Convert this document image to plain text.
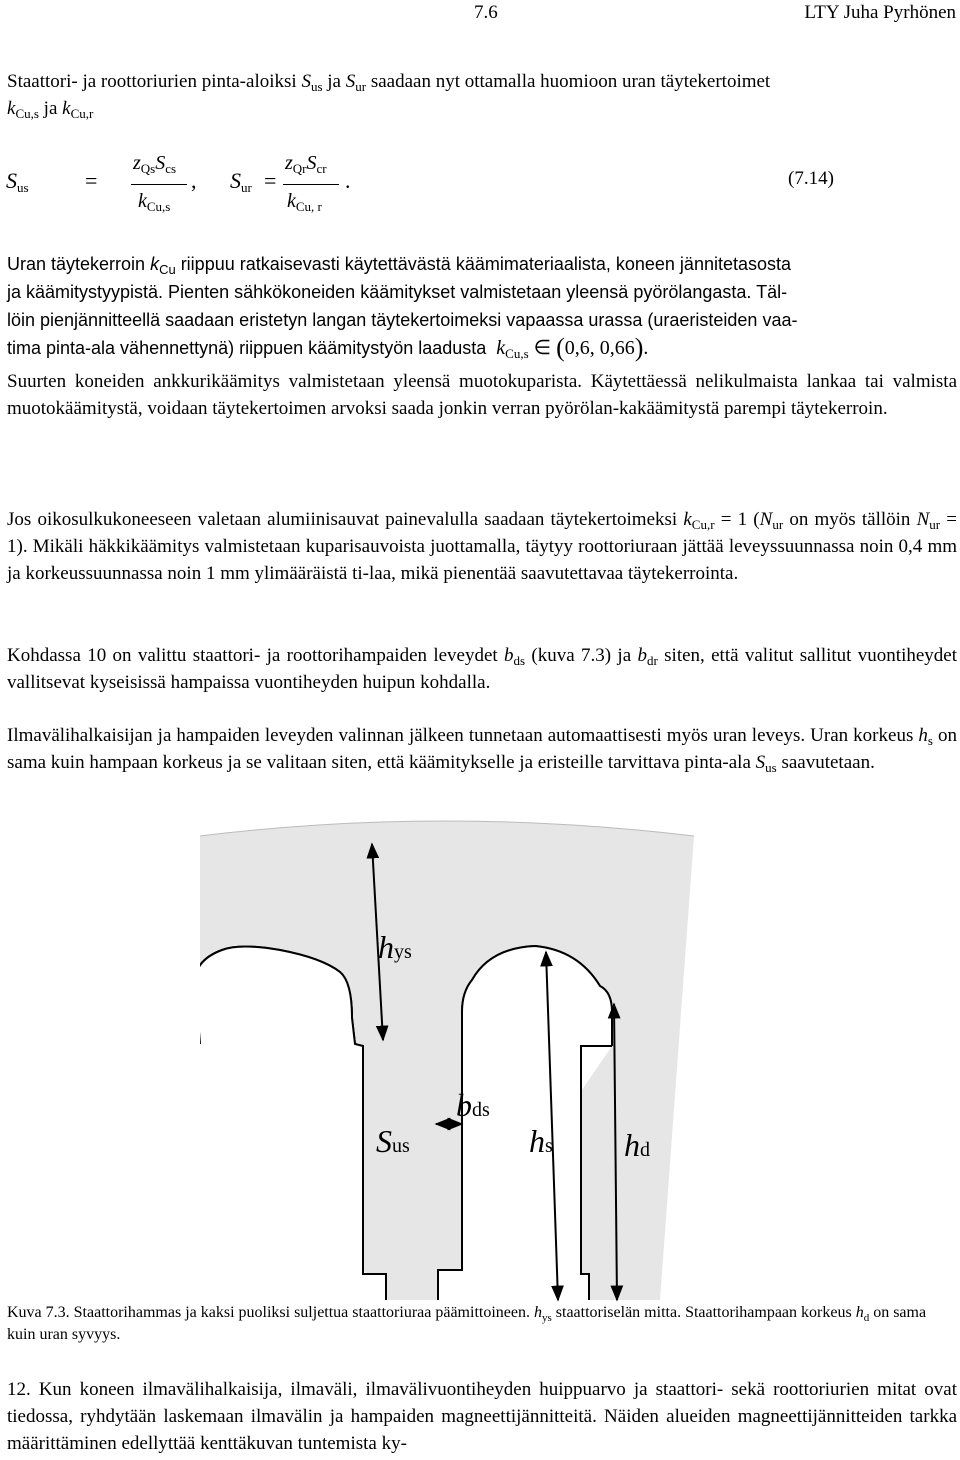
7.6	LTY Juha Pyrhönen

Staattori- ja roottoriurien pinta-aloiksi $S_{us}$ ja $S_{ur}$ saadaan nyt ottamalla huomioon uran täytekertoimet
$k_{Cu,s}$ ja $k_{Cu,r}$

$S_{us}$	=
$z_{Qs}S_{cs}$
$k_{Cu,s}$
, $S_{ur}$ =
$z_{Qr}S_{cr}$
$k_{Cu, r}$
.	(7.14)
Uran täytekerroin $k_{Cu}$ riippuu ratkaisevasti käytettävästä käämimateriaalista, koneen jännitetasosta
ja käämitystyypistä. Pienten sähkökoneiden käämitykset valmistetaan yleensä pyörölangasta. Täl-
löin pienjännitteellä saadaan eristetyn langan täytekertoimeksi vapaassa urassa (uraeristeiden vaa-
tima pinta-ala vähennettynä) riippuen käämitystyön laadusta $k_{Cu,s}$ ∈ (0,6, 0,66).

Suurten koneiden ankkurikäämitys valmistetaan yleensä muotokuparista. Käytettäessä nelikulmaista lankaa tai valmista muotokäämitystä, voidaan täytekertoimen arvoksi saada jonkin verran pyörölan-kakäämitystä parempi täytekerroin.

Jos oikosulkukoneeseen valetaan alumiinisauvat painevalulla saadaan täytekertoimeksi $k_{Cu,r} = 1$ ($N_{ur}$ on myös tällöin $N_{ur} = 1$). Mikäli häkkikäämitys valmistetaan kuparisauvoista juottamalla, täytyy roottoriuraan jättää leveyssuunnassa noin 0,4 mm ja korkeussuunnassa noin 1 mm ylimääräistä ti-laa, mikä pienentää saavutettavaa täytekerrointa.

Kohdassa 10 on valittu staattori- ja roottorihampaiden leveydet $b_{ds}$ (kuva 7.3) ja $b_{dr}$ siten, että valitut sallitut vuontiheydet vallitsevat kyseisissä hampaissa vuontiheyden huipun kohdalla.

Ilmavälihalkaisijan ja hampaiden leveyden valinnan jälkeen tunnetaan automaattisesti myös uran leveys. Uran korkeus $h_s$ on sama kuin hampaan korkeus ja se valitaan siten, että käämitykselle ja eristeille tarvittava pinta-ala $S_{us}$ saavutetaan.

hys
Sus
bds
hs hd

Kuva 7.3. Staattorihammas ja kaksi puoliksi suljettua staattoriuraa päämittoineen. $h_{ys}$ staattoriselän mitta. Staattorihampaan korkeus $h_d$ on sama kuin uran syvyys.

12. Kun koneen ilmavälihalkaisija, ilmaväli, ilmavälivuontiheyden huippuarvo ja staattori- sekä roottoriurien mitat ovat tiedossa, ryhdytään laskemaan ilmavälin ja hampaiden magneettijännitteitä. Näiden alueiden magneettijännitteiden tarkka määrittäminen edellyttää kenttäkuvan tuntemista ky-
